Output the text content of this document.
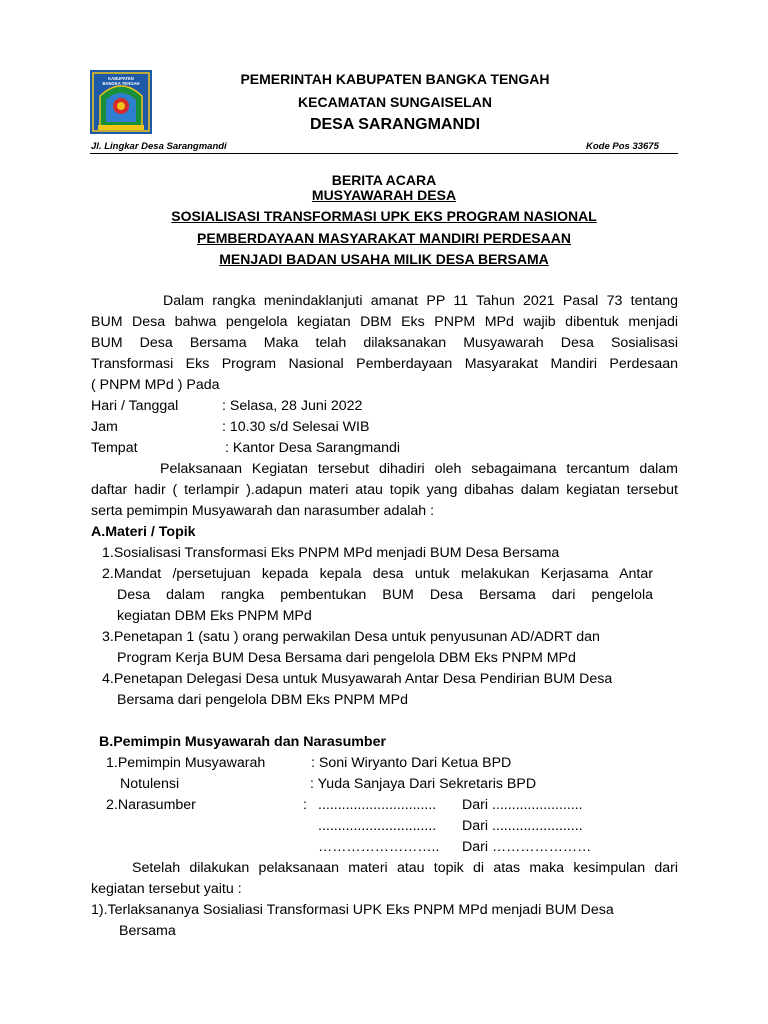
KABUPATEN
BANGKA TENGAH	PEMERINTAH KABUPATEN BANGKA TENGAH
KECAMATAN SUNGAISELAN
DESA SARANGMANDI
Jl. Lingkar Desa Sarangmandi	Kode Pos 33675
BERITA ACARA
MUSYAWARAH DESA
SOSIALISASI TRANSFORMASI UPK EKS PROGRAM NASIONAL
PEMBERDAYAAN MASYARAKAT MANDIRI PERDESAAN
MENJADI BADAN USAHA MILIK DESA BERSAMA
Dalam rangka menindaklanjuti amanat PP 11 Tahun 2021 Pasal 73 tentang
BUM Desa bahwa pengelola kegiatan DBM Eks PNPM MPd wajib dibentuk menjadi
BUM Desa Bersama Maka telah dilaksanakan Musyawarah Desa Sosialisasi
Transformasi Eks Program Nasional Pemberdayaan Masyarakat Mandiri Perdesaan
( PNPM MPd ) Pada
Hari / Tanggal	: Selasa, 28 Juni 2022
Jam	: 10.30 s/d Selesai WIB
Tempat	: Kantor Desa Sarangmandi
Pelaksanaan Kegiatan tersebut dihadiri oleh sebagaimana tercantum dalam
daftar hadir ( terlampir ).adapun materi atau topik yang dibahas dalam kegiatan tersebut
serta pemimpin Musyawarah dan narasumber adalah :
A.Materi / Topik
1.Sosialisasi Transformasi Eks PNPM MPd menjadi BUM Desa Bersama
2.Mandat /persetujuan kepada kepala desa untuk melakukan Kerjasama Antar
Desa dalam rangka pembentukan BUM Desa Bersama dari pengelola
kegiatan DBM Eks PNPM MPd
3.Penetapan 1 (satu ) orang perwakilan Desa untuk penyusunan AD/ADRT dan
Program Kerja BUM Desa Bersama dari pengelola DBM Eks PNPM MPd
4.Penetapan Delegasi Desa untuk Musyawarah Antar Desa Pendirian BUM Desa
Bersama dari pengelola DBM Eks PNPM MPd
B.Pemimpin Musyawarah dan Narasumber
1.Pemimpin Musyawarah	: Soni Wiryanto Dari Ketua BPD
Notulensi	: Yuda Sanjaya Dari Sekretaris BPD
2.Narasumber	: .............................. Dari .......................
.............................. Dari .......................
…………………….. Dari …………………
Setelah dilakukan pelaksanaan materi atau topik di atas maka kesimpulan dari
kegiatan tersebut yaitu :
1).Terlaksananya Sosialiasi Transformasi UPK Eks PNPM MPd menjadi BUM Desa
Bersama
